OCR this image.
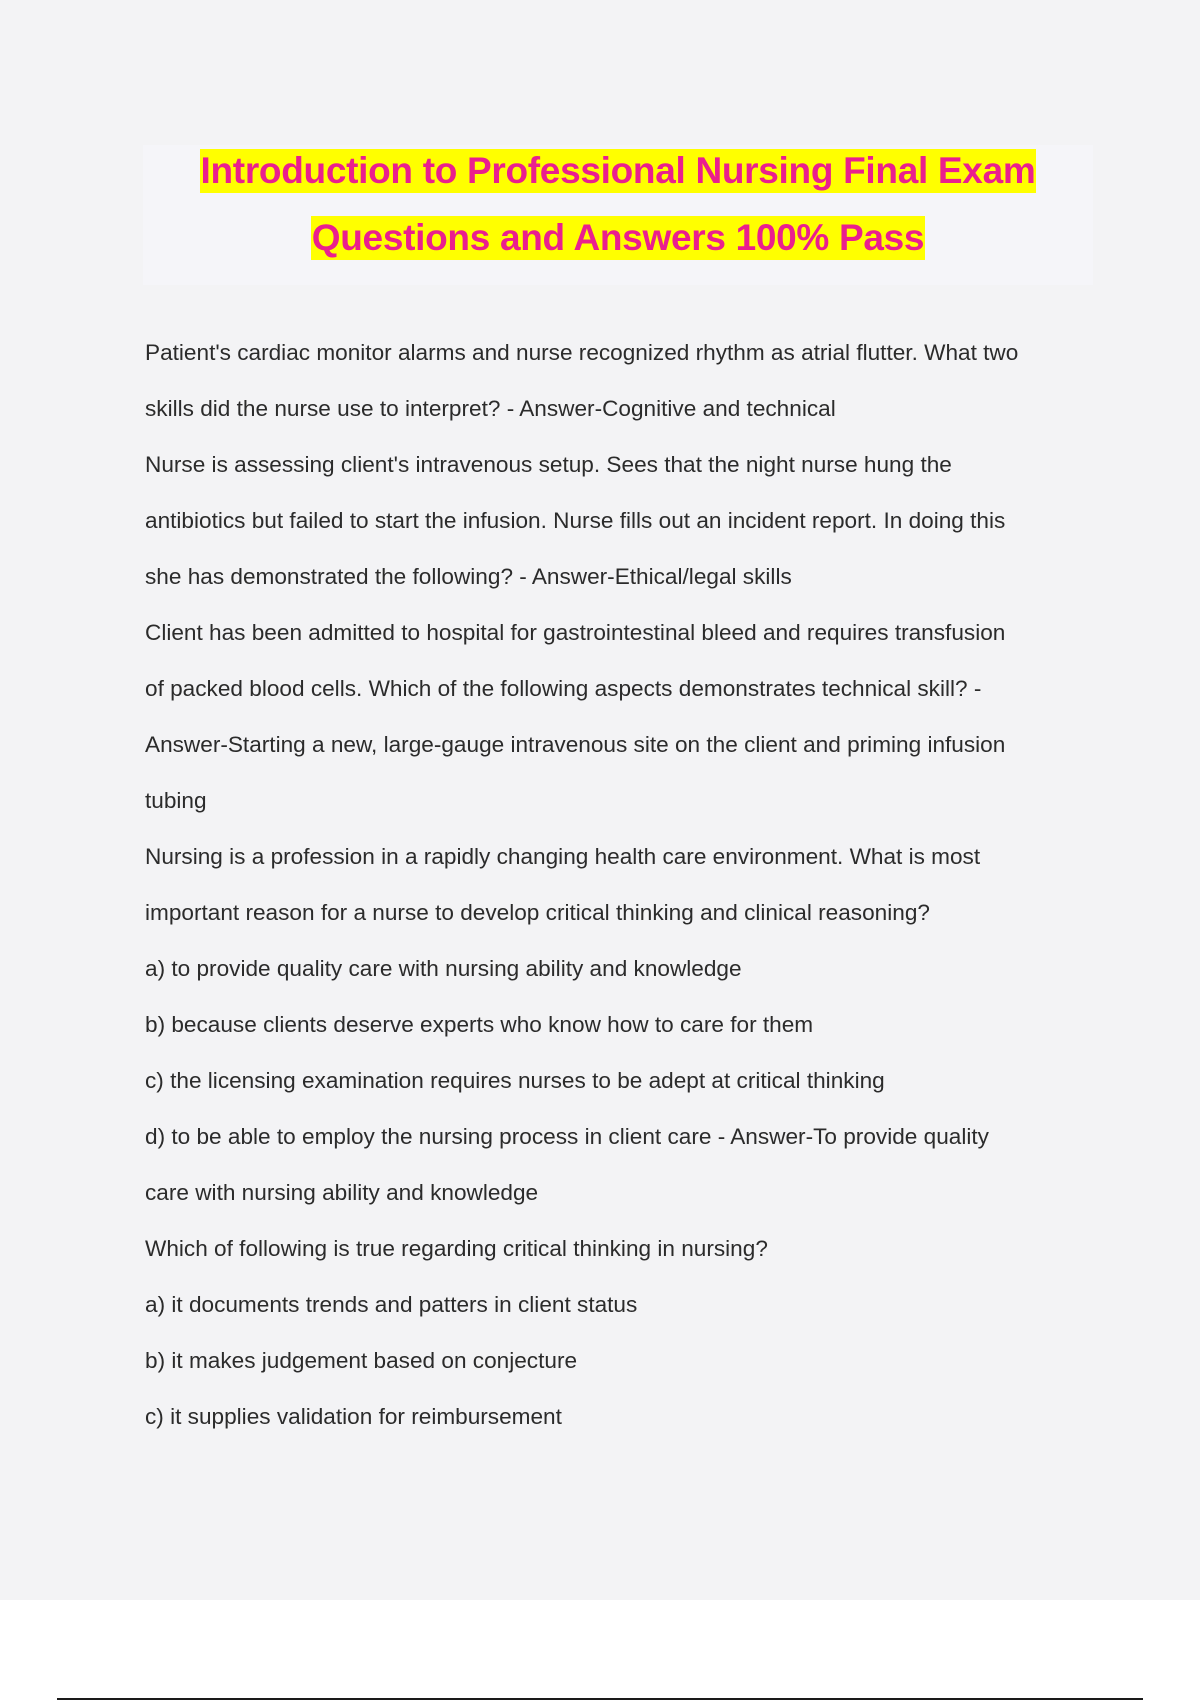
Introduction to Professional Nursing Final Exam
Questions and Answers 100% Pass
Patient's cardiac monitor alarms and nurse recognized rhythm as atrial flutter. What two
skills did the nurse use to interpret? - Answer-Cognitive and technical
Nurse is assessing client's intravenous setup. Sees that the night nurse hung the
antibiotics but failed to start the infusion. Nurse fills out an incident report. In doing this
she has demonstrated the following? - Answer-Ethical/legal skills
Client has been admitted to hospital for gastrointestinal bleed and requires transfusion
of packed blood cells. Which of the following aspects demonstrates technical skill? -
Answer-Starting a new, large-gauge intravenous site on the client and priming infusion
tubing
Nursing is a profession in a rapidly changing health care environment. What is most
important reason for a nurse to develop critical thinking and clinical reasoning?
a) to provide quality care with nursing ability and knowledge
b) because clients deserve experts who know how to care for them
c) the licensing examination requires nurses to be adept at critical thinking
d) to be able to employ the nursing process in client care - Answer-To provide quality
care with nursing ability and knowledge
Which of following is true regarding critical thinking in nursing?
a) it documents trends and patters in client status
b) it makes judgement based on conjecture
c) it supplies validation for reimbursement
